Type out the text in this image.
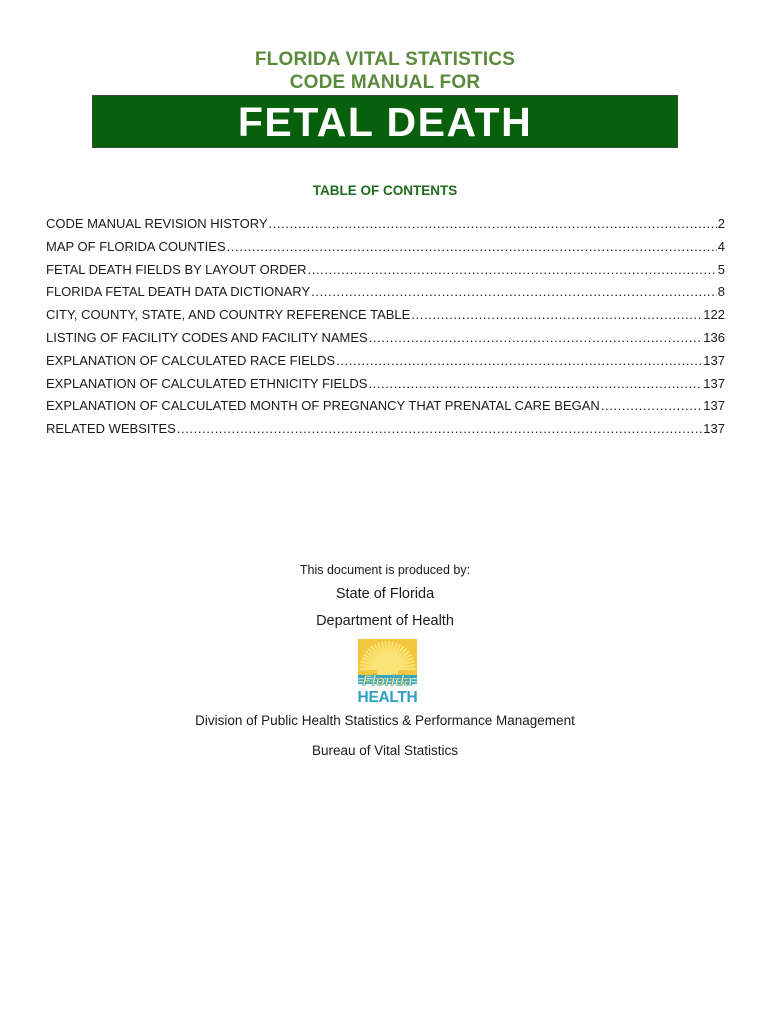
FLORIDA VITAL STATISTICS
CODE MANUAL FOR
FETAL DEATH
TABLE OF CONTENTS
CODE MANUAL REVISION HISTORY .....	2
MAP OF FLORIDA COUNTIES .....	4
FETAL DEATH FIELDS BY LAYOUT ORDER .....	5
FLORIDA FETAL DEATH DATA DICTIONARY .....	8
CITY, COUNTY, STATE, AND COUNTRY REFERENCE TABLE .....	122
LISTING OF FACILITY CODES AND FACILITY NAMES .....	136
EXPLANATION OF CALCULATED RACE FIELDS .....	137
EXPLANATION OF CALCULATED ETHNICITY FIELDS .....	137
EXPLANATION OF CALCULATED MONTH OF PREGNANCY THAT PRENATAL CARE BEGAN .....	137
RELATED WEBSITES .....	137
This document is produced by:
State of Florida
Department of Health
Florida
HEALTH
Division of Public Health Statistics & Performance Management
Bureau of Vital Statistics
